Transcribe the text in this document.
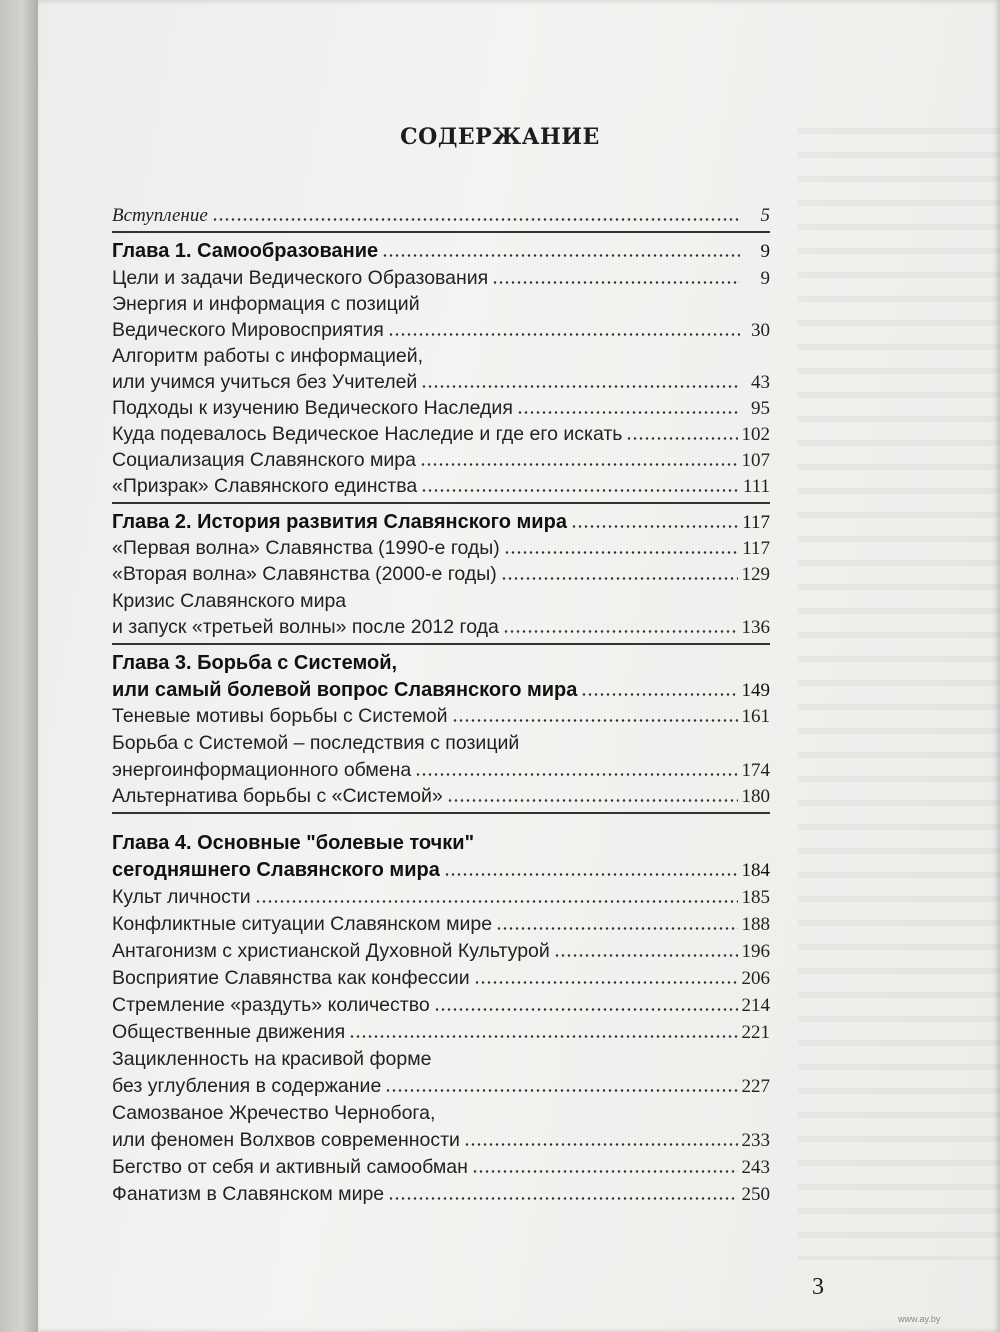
СОДЕРЖАНИЕ
Вступление	5
Глава 1. Самообразование	9
Цели и задачи Ведического Образования	9
Энергия и информация с позиций
Ведического Мировосприятия	30
Алгоритм работы с информацией,
или учимся учиться без Учителей	43
Подходы к изучению Ведического Наследия	95
Куда подевалось Ведическое Наследие и где его искать	102
Социализация Славянского мира	107
«Призрак» Славянского единства	111
Глава 2. История развития Славянского мира	117
«Первая волна» Славянства (1990-е годы)	117
«Вторая волна» Славянства (2000-е годы)	129
Кризис Славянского мира
и запуск «третьей волны» после 2012 года	136
Глава 3. Борьба с Системой,
или самый болевой вопрос Славянского мира	149
Теневые мотивы борьбы с Системой	161
Борьба с Системой – последствия с позиций
энергоинформационного обмена	174
Альтернатива борьбы с «Системой»	180
Глава 4. Основные "болевые точки"
сегодняшнего Славянского мира	184
Культ личности	185
Конфликтные ситуации Славянском мире	188
Антагонизм с христианской Духовной Культурой	196
Восприятие Славянства как конфессии	206
Стремление «раздуть» количество	214
Общественные движения	221
Зацикленность на красивой форме
без углубления в содержание	227
Самозваное Жречество Чернобога,
или феномен Волхвов современности	233
Бегство от себя и активный самообман	243
Фанатизм в Славянском мире	250
3
www.ay.by
